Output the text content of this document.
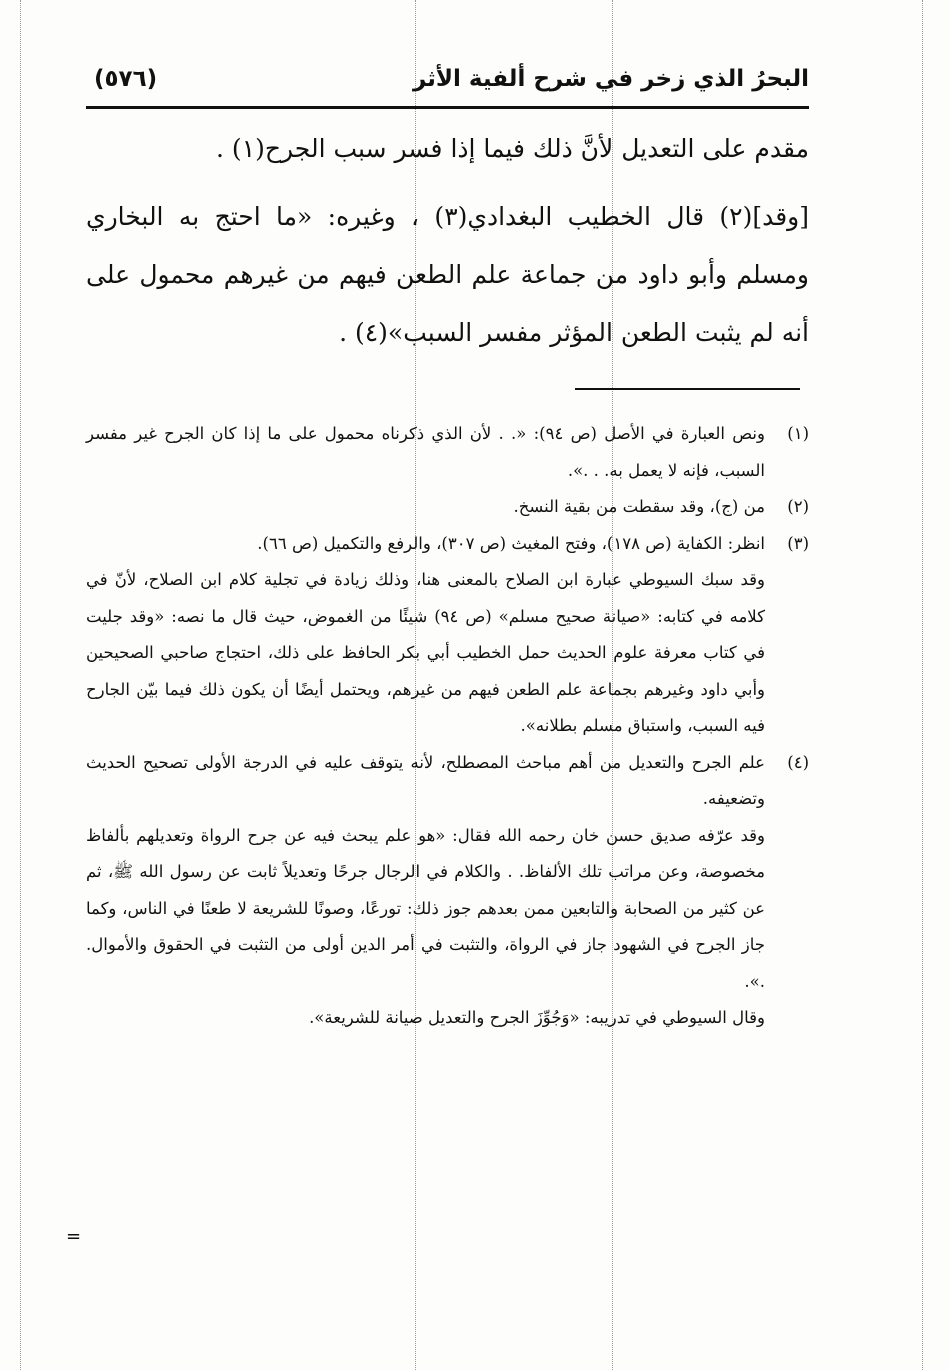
البحرُ الذي زخر في شرح ألفية الأثر
(٥٧٦)

مقدم على التعديل لأنَّ ذلك فيما إذا فسر سبب الجرح(١) .

[وقد](٢) قال الخطيب البغدادي(٣) ، وغيره: «ما احتج به البخاري ومسلم وأبو داود من جماعة علم الطعن فيهم من غيرهم محمول على أنه لم يثبت الطعن المؤثر مفسر السبب»(٤) .

(١)
ونص العبارة في الأصل (ص ٩٤): «. . لأن الذي ذكرناه محمول على ما إذا كان الجرح غير مفسر السبب، فإنه لا يعمل به. . .».
(٢)
من (ج)، وقد سقطت من بقية النسخ.
(٣)
انظر: الكفاية (ص ١٧٨)، وفتح المغيث (ص ٣٠٧)، والرفع والتكميل (ص ٦٦).
وقد سبك السيوطي عبارة ابن الصلاح بالمعنى هنا، وذلك زيادة في تجلية كلام ابن الصلاح، لأنّ في كلامه في كتابه: «صيانة صحيح مسلم» (ص ٩٤) شيئًا من الغموض، حيث قال ما نصه: «وقد جليت في كتاب معرفة علوم الحديث حمل الخطيب أبي بكر الحافظ على ذلك، احتجاج صاحبي الصحيحين وأبي داود وغيرهم بجماعة علم الطعن فيهم من غيرهم، ويحتمل أيضًا أن يكون ذلك فيما بيّن الجارح فيه السبب، واستباق مسلم بطلانه».
(٤)
علم الجرح والتعديل من أهم مباحث المصطلح، لأنه يتوقف عليه في الدرجة الأولى تصحيح الحديث وتضعيفه.
وقد عرّفه صديق حسن خان رحمه الله فقال: «هو علم يبحث فيه عن جرح الرواة وتعديلهم بألفاظ مخصوصة، وعن مراتب تلك الألفاظ. . والكلام في الرجال جرحًا وتعديلاً ثابت عن رسول الله ﷺ، ثم عن كثير من الصحابة والتابعين ممن بعدهم جوز ذلك: تورعًا، وصونًا للشريعة لا طعنًا في الناس، وكما جاز الجرح في الشهود جاز في الرواة، والتثبت في أمر الدين أولى من التثبت في الحقوق والأموال. .».
وقال السيوطي في تدريبه: «وَجُوِّزَ الجرح والتعديل صيانة للشريعة».
=
